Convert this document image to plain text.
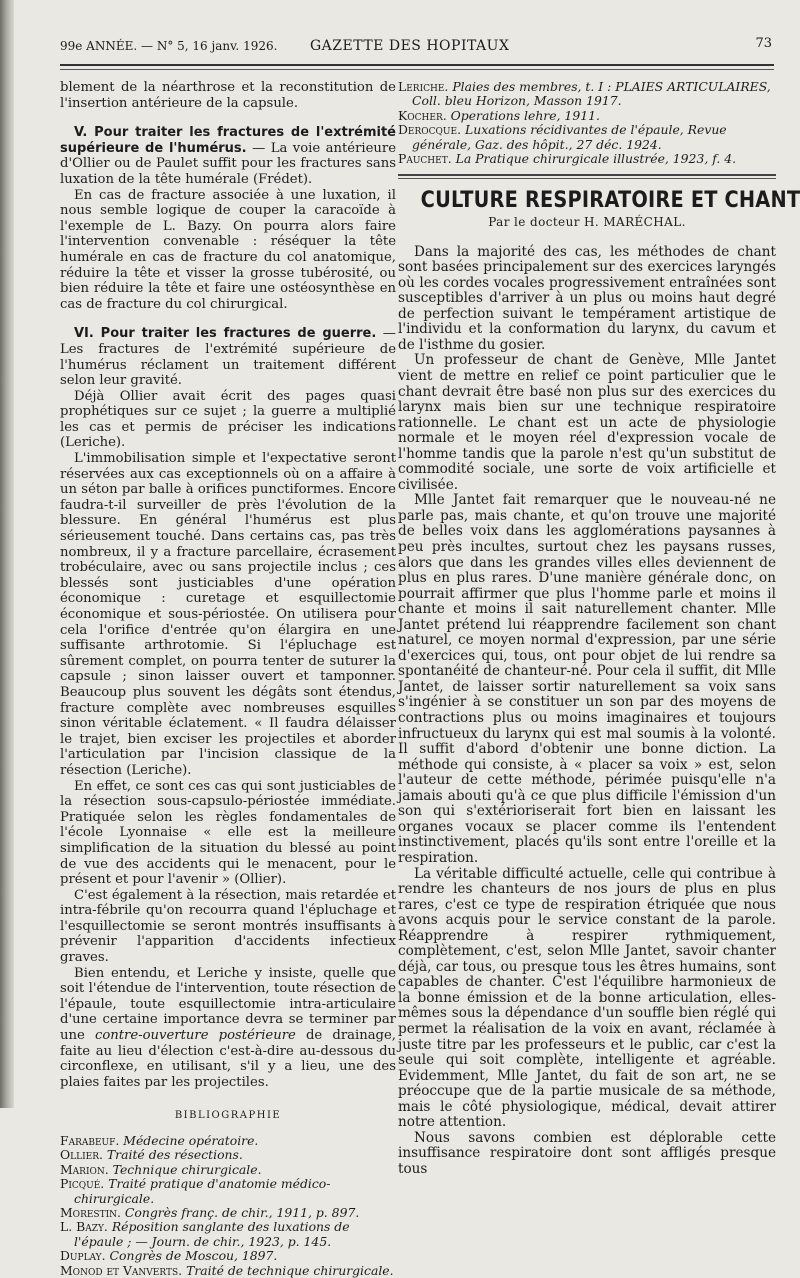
99e ANNÉE. — N° 5, 16 janv. 1926. GAZETTE DES HOPITAUX	73

blement de la néarthrose et la reconstitution de l'insertion antérieure de la capsule.

V. Pour traiter les fractures de l'extrémité supérieure de l'humérus. — La voie antérieure d'Ollier ou de Paulet suffit pour les fractures sans luxation de la tête humérale (Frédet).

En cas de fracture associée à une luxation, il nous semble logique de couper la caracoïde à l'exemple de L. Bazy. On pourra alors faire l'intervention convenable : réséquer la tête humérale en cas de fracture du col anatomique, réduire la tête et visser la grosse tubérosité, ou bien réduire la tête et faire une ostéosynthèse en cas de fracture du col chirurgical.

VI. Pour traiter les fractures de guerre. — Les fractures de l'extrémité supérieure de l'humérus réclament un traitement différent selon leur gravité.

Déjà Ollier avait écrit des pages quasi prophétiques sur ce sujet ; la guerre a multiplié les cas et permis de préciser les indications (Leriche).

L'immobilisation simple et l'expectative seront réservées aux cas exceptionnels où on a affaire à un séton par balle à orifices punctiformes. Encore faudra-t-il surveiller de près l'évolution de la blessure. En général l'humérus est plus sérieusement touché. Dans certains cas, pas très nombreux, il y a fracture parcellaire, écrasement trobéculaire, avec ou sans projectile inclus ; ces blessés sont justiciables d'une opération économique : curetage et esquillectomie économique et sous-périostée. On utilisera pour cela l'orifice d'entrée qu'on élargira en une suffisante arthrotomie. Si l'épluchage est sûrement complet, on pourra tenter de suturer la capsule ; sinon laisser ouvert et tamponner. Beaucoup plus souvent les dégâts sont étendus, fracture complète avec nombreuses esquilles sinon véritable éclatement. « Il faudra délaisser le trajet, bien exciser les projectiles et aborder l'articulation par l'incision classique de la résection (Leriche).

En effet, ce sont ces cas qui sont justiciables de la résection sous-capsulo-périostée immédiate. Pratiquée selon les règles fondamentales de l'école Lyonnaise « elle est la meilleure simplification de la situation du blessé au point de vue des accidents qui le menacent, pour le présent et pour l'avenir » (Ollier).

C'est également à la résection, mais retardée et intra-fébrile qu'on recourra quand l'épluchage et l'esquillectomie se seront montrés insuffisants à prévenir l'apparition d'accidents infectieux graves.

Bien entendu, et Leriche y insiste, quelle que soit l'étendue de l'intervention, toute résection de l'épaule, toute esquillectomie intra-articulaire d'une certaine importance devra se terminer par une contre-ouverture postérieure de drainage, faite au lieu d'élection c'est-à-dire au-dessous du circonflexe, en utilisant, s'il y a lieu, une des plaies faites par les projectiles.

BIBLIOGRAPHIE

Farabeuf. Médecine opératoire.

Ollier. Traité des résections.

Marion. Technique chirurgicale.

Picqué. Traité pratique d'anatomie médico-chirurgicale.

Morestin. Congrès franç. de chir., 1911, p. 897.

L. Bazy. Réposition sanglante des luxations de l'épaule ; — Journ. de chir., 1923, p. 145.

Duplay. Congrès de Moscou, 1897.

Monod et Vanverts. Traité de technique chirurgicale.

Leriche. Plaies des membres, t. I : PLAIES ARTICULAIRES, Coll. bleu Horizon, Masson 1917.

Kocher. Operations lehre, 1911.

Derocque. Luxations récidivantes de l'épaule, Revue générale, Gaz. des hôpit., 27 déc. 1924.

Pauchet. La Pratique chirurgicale illustrée, 1923, f. 4.

CULTURE RESPIRATOIRE ET CHANT
Par le docteur H. MARÉCHAL.

Dans la majorité des cas, les méthodes de chant sont basées principalement sur des exercices laryngés où les cordes vocales progressivement entraînées sont susceptibles d'arriver à un plus ou moins haut degré de perfection suivant le tempérament artistique de l'individu et la conformation du larynx, du cavum et de l'isthme du gosier.

Un professeur de chant de Genève, Mlle Jantet vient de mettre en relief ce point particulier que le chant devrait être basé non plus sur des exercices du larynx mais bien sur une technique respiratoire rationnelle. Le chant est un acte de physiologie normale et le moyen réel d'expression vocale de l'homme tandis que la parole n'est qu'un substitut de commodité sociale, une sorte de voix artificielle et civilisée.

Mlle Jantet fait remarquer que le nouveau-né ne parle pas, mais chante, et qu'on trouve une majorité de belles voix dans les agglomérations paysannes à peu près incultes, surtout chez les paysans russes, alors que dans les grandes villes elles deviennent de plus en plus rares. D'une manière générale donc, on pourrait affirmer que plus l'homme parle et moins il chante et moins il sait naturellement chanter. Mlle Jantet prétend lui réapprendre facilement son chant naturel, ce moyen normal d'expression, par une série d'exercices qui, tous, ont pour objet de lui rendre sa spontanéité de chanteur-né. Pour cela il suffit, dit Mlle Jantet, de laisser sortir naturellement sa voix sans s'ingénier à se constituer un son par des moyens de contractions plus ou moins imaginaires et toujours infructueux du larynx qui est mal soumis à la volonté. Il suffit d'abord d'obtenir une bonne diction. La méthode qui consiste, à « placer sa voix » est, selon l'auteur de cette méthode, périmée puisqu'elle n'a jamais abouti qu'à ce que plus difficile l'émission d'un son qui s'extérioriserait fort bien en laissant les organes vocaux se placer comme ils l'entendent instinctivement, placés qu'ils sont entre l'oreille et la respiration.

La véritable difficulté actuelle, celle qui contribue à rendre les chanteurs de nos jours de plus en plus rares, c'est ce type de respiration étriquée que nous avons acquis pour le service constant de la parole. Réapprendre à respirer rythmiquement, complètement, c'est, selon Mlle Jantet, savoir chanter déjà, car tous, ou presque tous les êtres humains, sont capables de chanter. C'est l'équilibre harmonieux de la bonne émission et de la bonne articulation, elles-mêmes sous la dépendance d'un souffle bien réglé qui permet la réalisation de la voix en avant, réclamée à juste titre par les professeurs et le public, car c'est la seule qui soit complète, intelligente et agréable. Evidemment, Mlle Jantet, du fait de son art, ne se préoccupe que de la partie musicale de sa méthode, mais le côté physiologique, médical, devait attirer notre attention.

Nous savons combien est déplorable cette insuffisance respiratoire dont sont affligés presque tous
